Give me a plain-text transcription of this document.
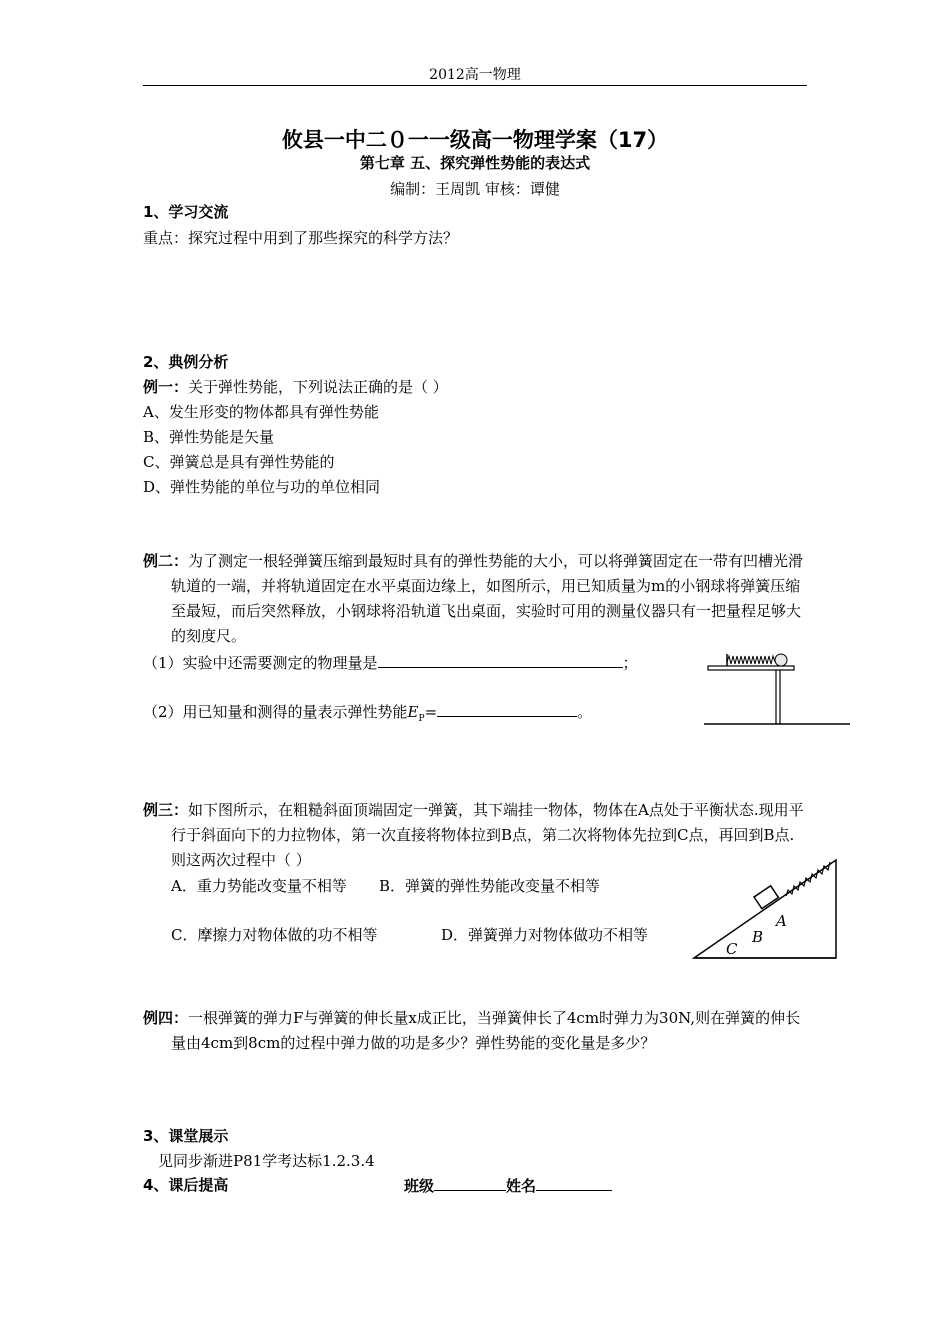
2012高一物理
攸县一中二０一一级高一物理学案（17）
第七章 五、探究弹性势能的表达式
编制：王周凯 审核：谭健
1、学习交流
重点：探究过程中用到了那些探究的科学方法？
2、典例分析
例一：关于弹性势能，下列说法正确的是（ ）
A、发生形变的物体都具有弹性势能
B、弹性势能是矢量
C、弹簧总是具有弹性势能的
D、弹性势能的单位与功的单位相同
例二：为了测定一根轻弹簧压缩到最短时具有的弹性势能的大小，可以将弹簧固定在一带有凹槽光滑轨道的一端，并将轨道固定在水平桌面边缘上，如图所示，用已知质量为m的小钢球将弹簧压缩至最短，而后突然释放，小钢球将沿轨道飞出桌面，实验时可用的测量仪器只有一把量程足够大的刻度尺。
（1）实验中还需要测定的物理量是	；
（2）用已知量和测得的量表示弹性势能$E_P=$	。
例三：如下图所示，在粗糙斜面顶端固定一弹簧，其下端挂一物体，物体在A点处于平衡状态.现用平行于斜面向下的力拉物体，第一次直接将物体拉到B点，第二次将物体先拉到C点，再回到B点.则这两次过程中（ ）
A．重力势能改变量不相等 B．弹簧的弹性势能改变量不相等
C．摩擦力对物体做的功不相等	D．弹簧弹力对物体做功不相等
A
B
C
例四：一根弹簧的弹力F与弹簧的伸长量x成正比，当弹簧伸长了4cm时弹力为30N,则在弹簧的伸长量由4cm到8cm的过程中弹力做的功是多少？弹性势能的变化量是多少？
3、课堂展示
见同步渐进P81学考达标1.2.3.4
4、课后提高	班级	姓名
